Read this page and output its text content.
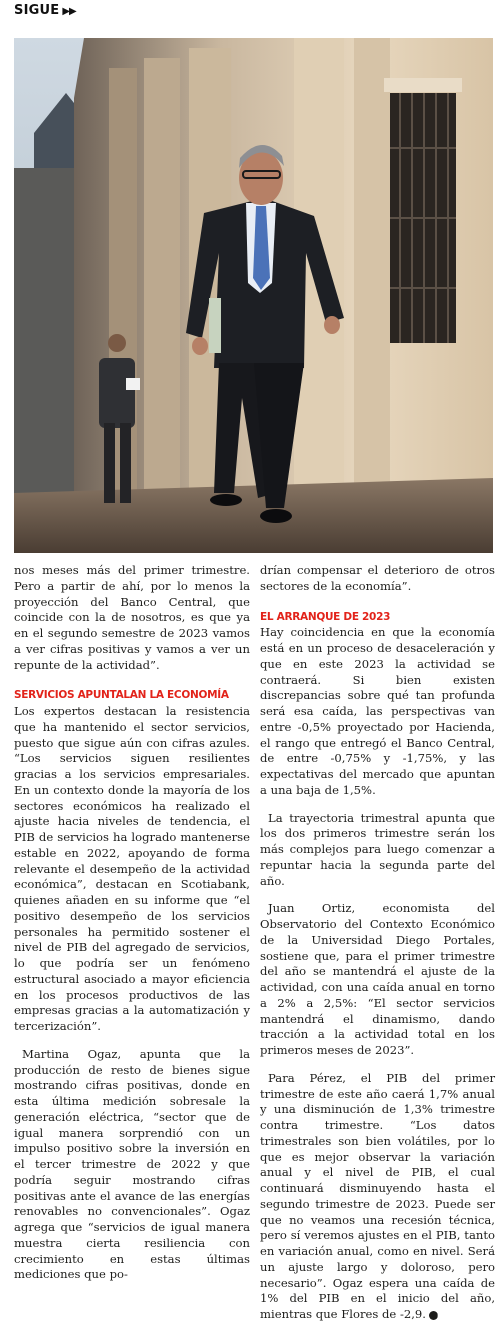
SIGUE ▶▶

nos meses más del primer trimestre. Pero a partir de ahí, por lo menos la proyección del Banco Central, que coincide con la de nosotros, es que ya en el segundo semestre de 2023 vamos a ver cifras positivas y vamos a ver un repunte de la actividad”.

SERVICIOS APUNTALAN LA ECONOMÍA

Los expertos destacan la resistencia que ha mantenido el sector servicios, puesto que sigue aún con cifras azules. “Los servicios siguen resilientes gracias a los servicios empresariales. En un contexto donde la mayoría de los sectores económicos ha realizado el ajuste hacia niveles de tendencia, el PIB de servicios ha logrado mantenerse estable en 2022, apoyando de forma relevante el desempeño de la actividad económica”, destacan en Scotiabank, quienes añaden en su informe que “el positivo desempeño de los servicios personales ha permitido sostener el nivel de PIB del agregado de servicios, lo que podría ser un fenómeno estructural asociado a mayor eficiencia en los procesos productivos de las empresas gracias a la automatización y tercerización”.

Martina Ogaz, apunta que la producción de resto de bienes sigue mostrando cifras positivas, donde en esta última medición sobresale la generación eléctrica, “sector que de igual manera sorprendió con un impulso positivo sobre la inversión en el tercer trimestre de 2022 y que podría seguir mostrando cifras positivas ante el avance de las energías renovables no convencionales”. Ogaz agrega que “servicios de igual manera muestra cierta resiliencia con crecimiento en estas últimas mediciones que po-

drían compensar el deterioro de otros sectores de la economía”.

EL ARRANQUE DE 2023

Hay coincidencia en que la economía está en un proceso de desaceleración y que en este 2023 la actividad se contraerá. Si bien existen discrepancias sobre qué tan profunda será esa caída, las perspectivas van entre -0,5% proyectado por Hacienda, el rango que entregó el Banco Central, de entre -0,75% y -1,75%, y las expectativas del mercado que apuntan a una baja de 1,5%.

La trayectoria trimestral apunta que los dos primeros trimestre serán los más complejos para luego comenzar a repuntar hacia la segunda parte del año.

Juan Ortiz, economista del Observatorio del Contexto Económico de la Universidad Diego Portales, sostiene que, para el primer trimestre del año se mantendrá el ajuste de la actividad, con una caída anual en torno a 2% a 2,5%: “El sector servicios mantendrá el dinamismo, dando tracción a la actividad total en los primeros meses de 2023”.

Para Pérez, el PIB del primer trimestre de este año caerá 1,7% anual y una disminución de 1,3% trimestre contra trimestre. “Los datos trimestrales son bien volátiles, por lo que es mejor observar la variación anual y el nivel de PIB, el cual continuará disminuyendo hasta el segundo trimestre de 2023. Puede ser que no veamos una recesión técnica, pero sí veremos ajustes en el PIB, tanto en variación anual, como en nivel. Será un ajuste largo y doloroso, pero necesario”. Ogaz espera una caída de 1% del PIB en el inicio del año, mientras que Flores de -2,9. P
